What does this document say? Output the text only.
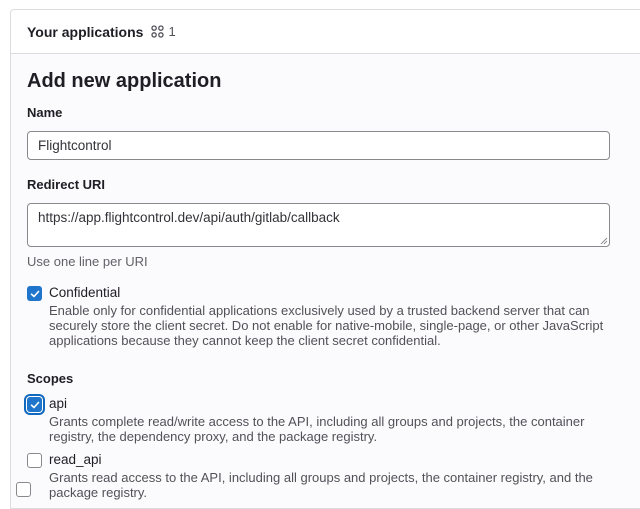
Your applications 1
Add new application
Name
Flightcontrol
Redirect URI
https://app.flightcontrol.dev/api/auth/gitlab/callback
Use one line per URI
Confidential
Enable only for confidential applications exclusively used by a trusted backend server that can securely store the client secret. Do not enable for native-mobile, single-page, or other JavaScript applications because they cannot keep the client secret confidential.
Scopes
api
Grants complete read/write access to the API, including all groups and projects, the container registry, the dependency proxy, and the package registry.
read_api
Grants read access to the API, including all groups and projects, the container registry, and the package registry.
